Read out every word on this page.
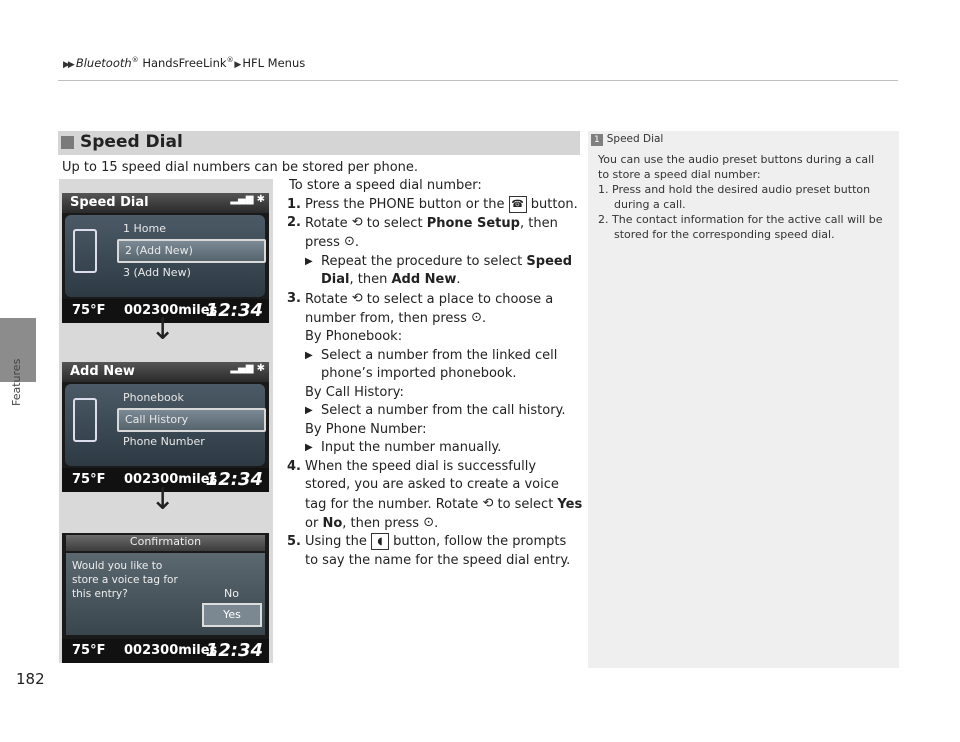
▶▶ Bluetooth® HandsFreeLink® ▶ HFL Menus
Features
182
Speed Dial
Up to 15 speed dial numbers can be stored per phone.
Speed Dial	▂▄▆ ✱
1 Home
2 (Add New)
3 (Add New)
75°F 002300miles
12:34
↓
Add New	▂▄▆ ✱
Phonebook
Call History
Phone Number
75°F 002300miles
12:34
↓
Confirmation
Would you like to store a voice tag for this entry?	No
Yes
75°F 002300miles
12:34
To store a speed dial number:
1. Press the PHONE button or the ☎ button.
2. Rotate ⟲ to select Phone Setup, then press ⊙.
▶ Repeat the procedure to select Speed Dial, then Add New.
3. Rotate ⟲ to select a place to choose a number from, then press ⊙.
By Phonebook:
▶ Select a number from the linked cell phone’s imported phonebook.
By Call History:
▶ Select a number from the call history.
By Phone Number:
▶ Input the number manually.
4. When the speed dial is successfully stored, you are asked to create a voice tag for the number. Rotate ⟲ to select Yes or No, then press ⊙.
5. Using the ◖ button, follow the prompts to say the name for the speed dial entry.
1 Speed Dial
You can use the audio preset buttons during a call to store a speed dial number:
1. Press and hold the desired audio preset button during a call.
2. The contact information for the active call will be stored for the corresponding speed dial.
